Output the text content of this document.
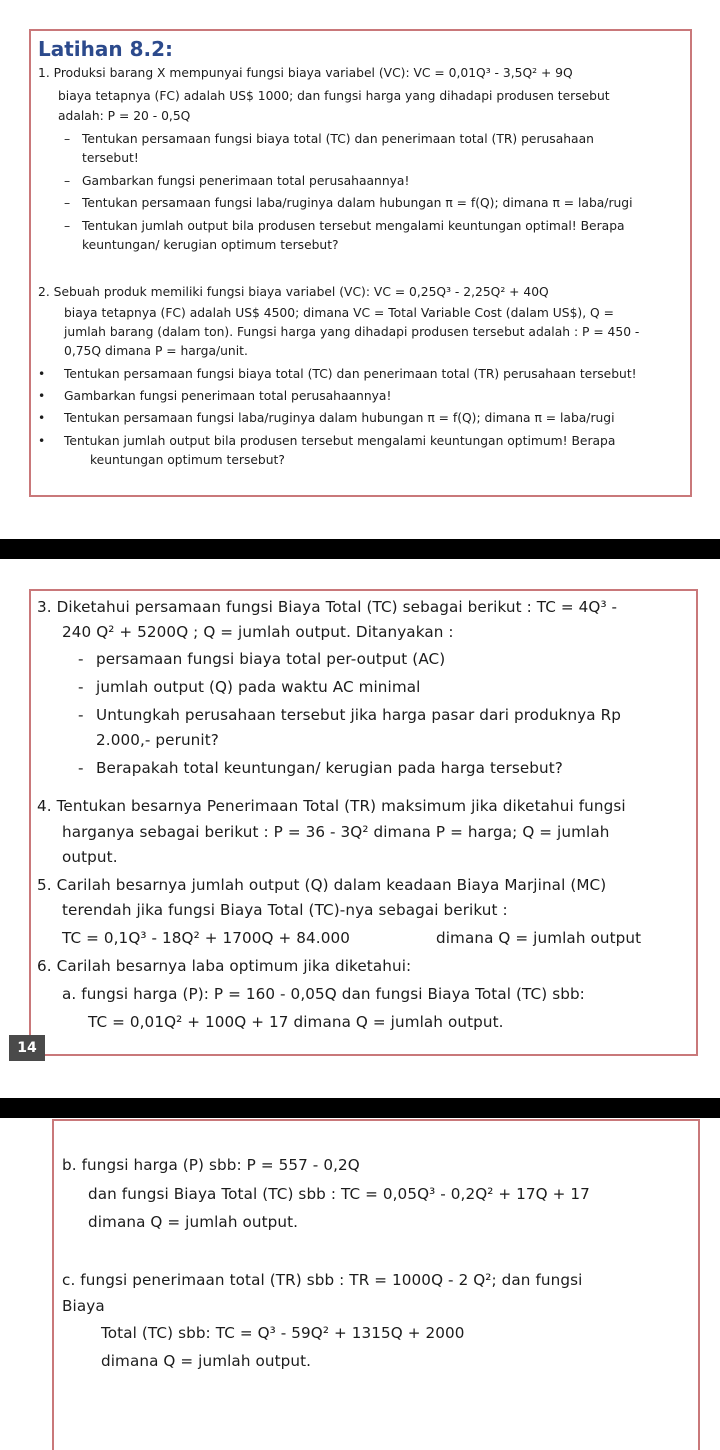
Latihan 8.2:
1. Produksi barang X mempunyai fungsi biaya variabel (VC): VC = 0,01Q³ - 3,5Q² + 9Q
biaya tetapnya (FC) adalah US$ 1000; dan fungsi harga yang dihadapi produsen tersebut
adalah: P = 20 - 0,5Q
– Tentukan persamaan fungsi biaya total (TC) dan penerimaan total (TR) perusahaan
tersebut!
– Gambarkan fungsi penerimaan total perusahaannya!
– Tentukan persamaan fungsi laba/ruginya dalam hubungan π = f(Q); dimana π = laba/rugi
– Tentukan jumlah output bila produsen tersebut mengalami keuntungan optimal! Berapa
keuntungan/ kerugian optimum tersebut?
2. Sebuah produk memiliki fungsi biaya variabel (VC): VC = 0,25Q³ - 2,25Q² + 40Q
biaya tetapnya (FC) adalah US$ 4500; dimana VC = Total Variable Cost (dalam US$), Q =
jumlah barang (dalam ton). Fungsi harga yang dihadapi produsen tersebut adalah : P = 450 -
0,75Q dimana P = harga/unit.
• Tentukan persamaan fungsi biaya total (TC) dan penerimaan total (TR) perusahaan tersebut!
• Gambarkan fungsi penerimaan total perusahaannya!
• Tentukan persamaan fungsi laba/ruginya dalam hubungan π = f(Q); dimana π = laba/rugi
• Tentukan jumlah output bila produsen tersebut mengalami keuntungan optimum! Berapa
keuntungan optimum tersebut?
3. Diketahui persamaan fungsi Biaya Total (TC) sebagai berikut : TC = 4Q³ -
240 Q² + 5200Q ; Q = jumlah output. Ditanyakan :
- persamaan fungsi biaya total per-output (AC)
- jumlah output (Q) pada waktu AC minimal
- Untungkah perusahaan tersebut jika harga pasar dari produknya Rp
2.000,- perunit?
- Berapakah total keuntungan/ kerugian pada harga tersebut?
4. Tentukan besarnya Penerimaan Total (TR) maksimum jika diketahui fungsi
harganya sebagai berikut : P = 36 - 3Q² dimana P = harga; Q = jumlah
output.
5. Carilah besarnya jumlah output (Q) dalam keadaan Biaya Marjinal (MC)
terendah jika fungsi Biaya Total (TC)-nya sebagai berikut :
TC = 0,1Q³ - 18Q² + 1700Q + 84.000	dimana Q = jumlah output
6. Carilah besarnya laba optimum jika diketahui:
a. fungsi harga (P): P = 160 - 0,05Q dan fungsi Biaya Total (TC) sbb:
TC = 0,01Q² + 100Q + 17 dimana Q = jumlah output.
14
b. fungsi harga (P) sbb: P = 557 - 0,2Q
dan fungsi Biaya Total (TC) sbb : TC = 0,05Q³ - 0,2Q² + 17Q + 17
dimana Q = jumlah output.
c. fungsi penerimaan total (TR) sbb : TR = 1000Q - 2 Q²; dan fungsi
Biaya
Total (TC) sbb: TC = Q³ - 59Q² + 1315Q + 2000
dimana Q = jumlah output.
